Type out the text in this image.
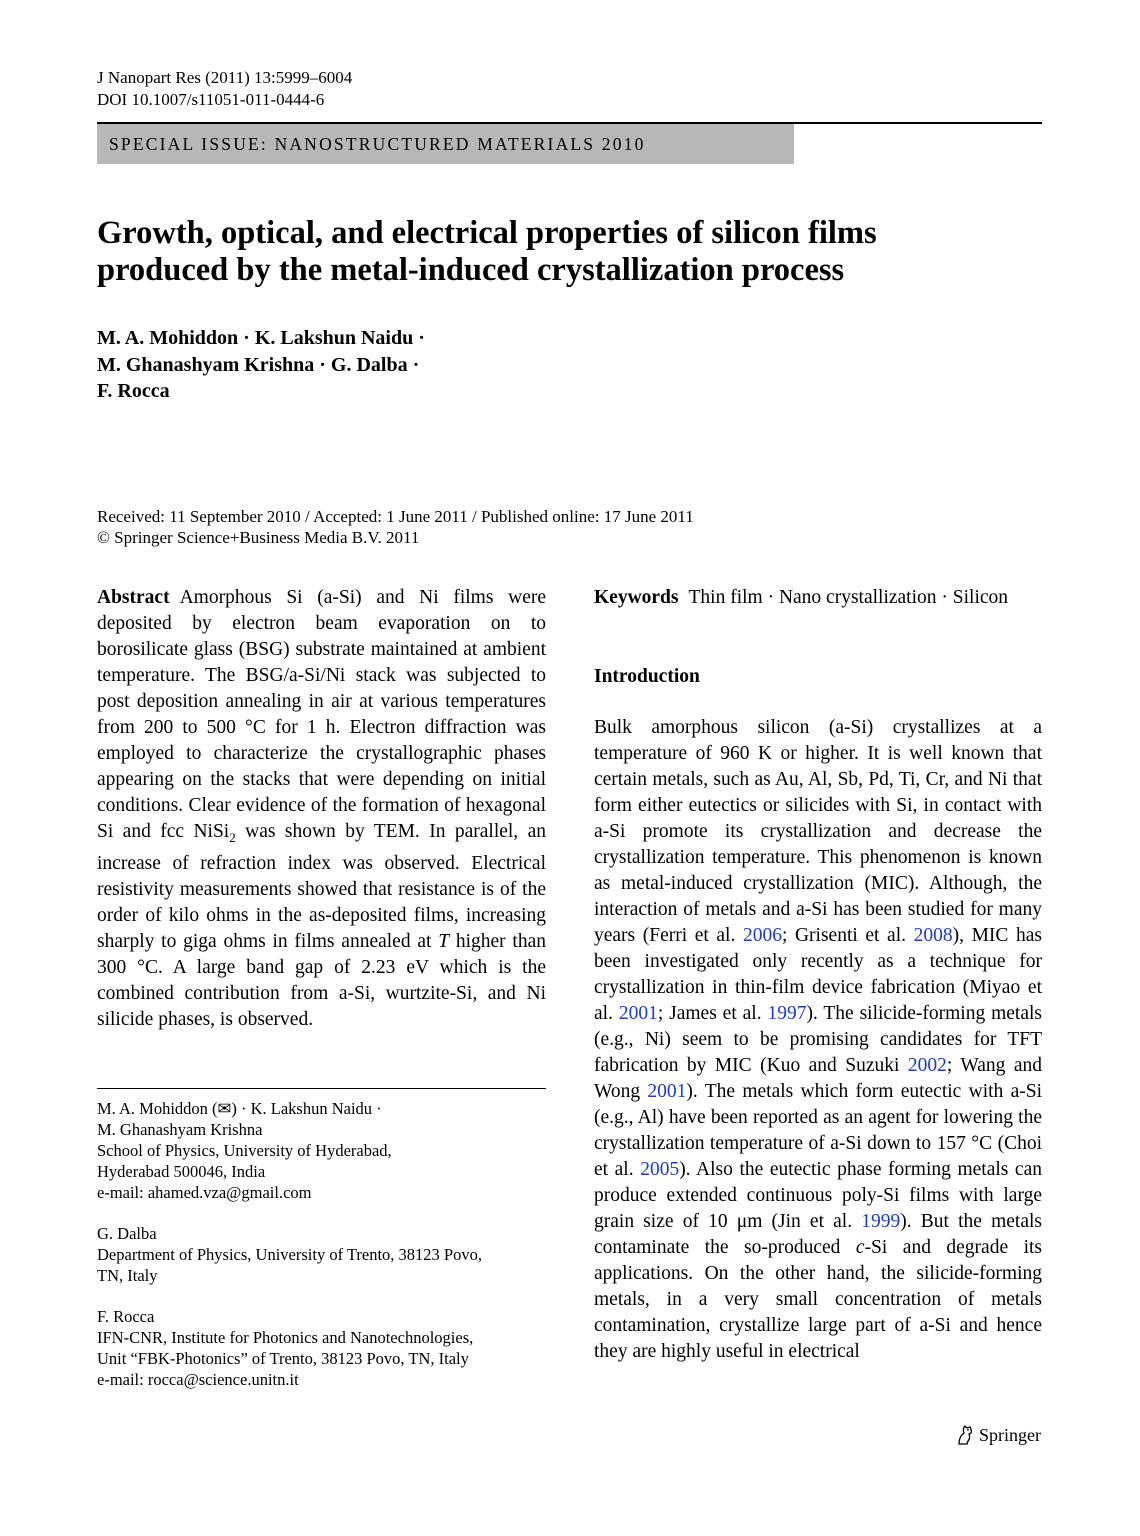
J Nanopart Res (2011) 13:5999–6004
DOI 10.1007/s11051-011-0444-6
SPECIAL ISSUE: NANOSTRUCTURED MATERIALS 2010
Growth, optical, and electrical properties of silicon films
produced by the metal-induced crystallization process
M. A. Mohiddon · K. Lakshun Naidu ·
M. Ghanashyam Krishna · G. Dalba ·
F. Rocca
Received: 11 September 2010 / Accepted: 1 June 2011 / Published online: 17 June 2011
© Springer Science+Business Media B.V. 2011

Abstract Amorphous Si (a-Si) and Ni films were deposited by electron beam evaporation on to borosilicate glass (BSG) substrate maintained at ambient temperature. The BSG/a-Si/Ni stack was subjected to post deposition annealing in air at various temperatures from 200 to 500 °C for 1 h. Electron diffraction was employed to characterize the crystallographic phases appearing on the stacks that were depending on initial conditions. Clear evidence of the formation of hexagonal Si and fcc NiSi$_2$ was shown by TEM. In parallel, an increase of refraction index was observed. Electrical resistivity measurements showed that resistance is of the order of kilo ohms in the as-deposited films, increasing sharply to giga ohms in films annealed at T higher than 300 °C. A large band gap of 2.23 eV which is the combined contribution from a-Si, wurtzite-Si, and Ni silicide phases, is observed.

M. A. Mohiddon (✉) · K. Lakshun Naidu ·
M. Ghanashyam Krishna
School of Physics, University of Hyderabad,
Hyderabad 500046, India
e-mail: ahamed.vza@gmail.com
G. Dalba
Department of Physics, University of Trento, 38123 Povo,
TN, Italy
F. Rocca
IFN-CNR, Institute for Photonics and Nanotechnologies,
Unit “FBK-Photonics” of Trento, 38123 Povo, TN, Italy
e-mail: rocca@science.unitn.it
Keywords Thin film · Nano crystallization · Silicon
Introduction

Bulk amorphous silicon (a-Si) crystallizes at a temperature of 960 K or higher. It is well known that certain metals, such as Au, Al, Sb, Pd, Ti, Cr, and Ni that form either eutectics or silicides with Si, in contact with a-Si promote its crystallization and decrease the crystallization temperature. This phenomenon is known as metal-induced crystallization (MIC). Although, the interaction of metals and a-Si has been studied for many years (Ferri et al. 2006; Grisenti et al. 2008), MIC has been investigated only recently as a technique for crystallization in thin-film device fabrication (Miyao et al. 2001; James et al. 1997). The silicide-forming metals (e.g., Ni) seem to be promising candidates for TFT fabrication by MIC (Kuo and Suzuki 2002; Wang and Wong 2001). The metals which form eutectic with a-Si (e.g., Al) have been reported as an agent for lowering the crystallization temperature of a-Si down to 157 °C (Choi et al. 2005). Also the eutectic phase forming metals can produce extended continuous poly-Si films with large grain size of 10 μm (Jin et al. 1999). But the metals contaminate the so-produced c-Si and degrade its applications. On the other hand, the silicide-forming metals, in a very small concentration of metals contamination, crystallize large part of a-Si and hence they are highly useful in electrical

Springer
